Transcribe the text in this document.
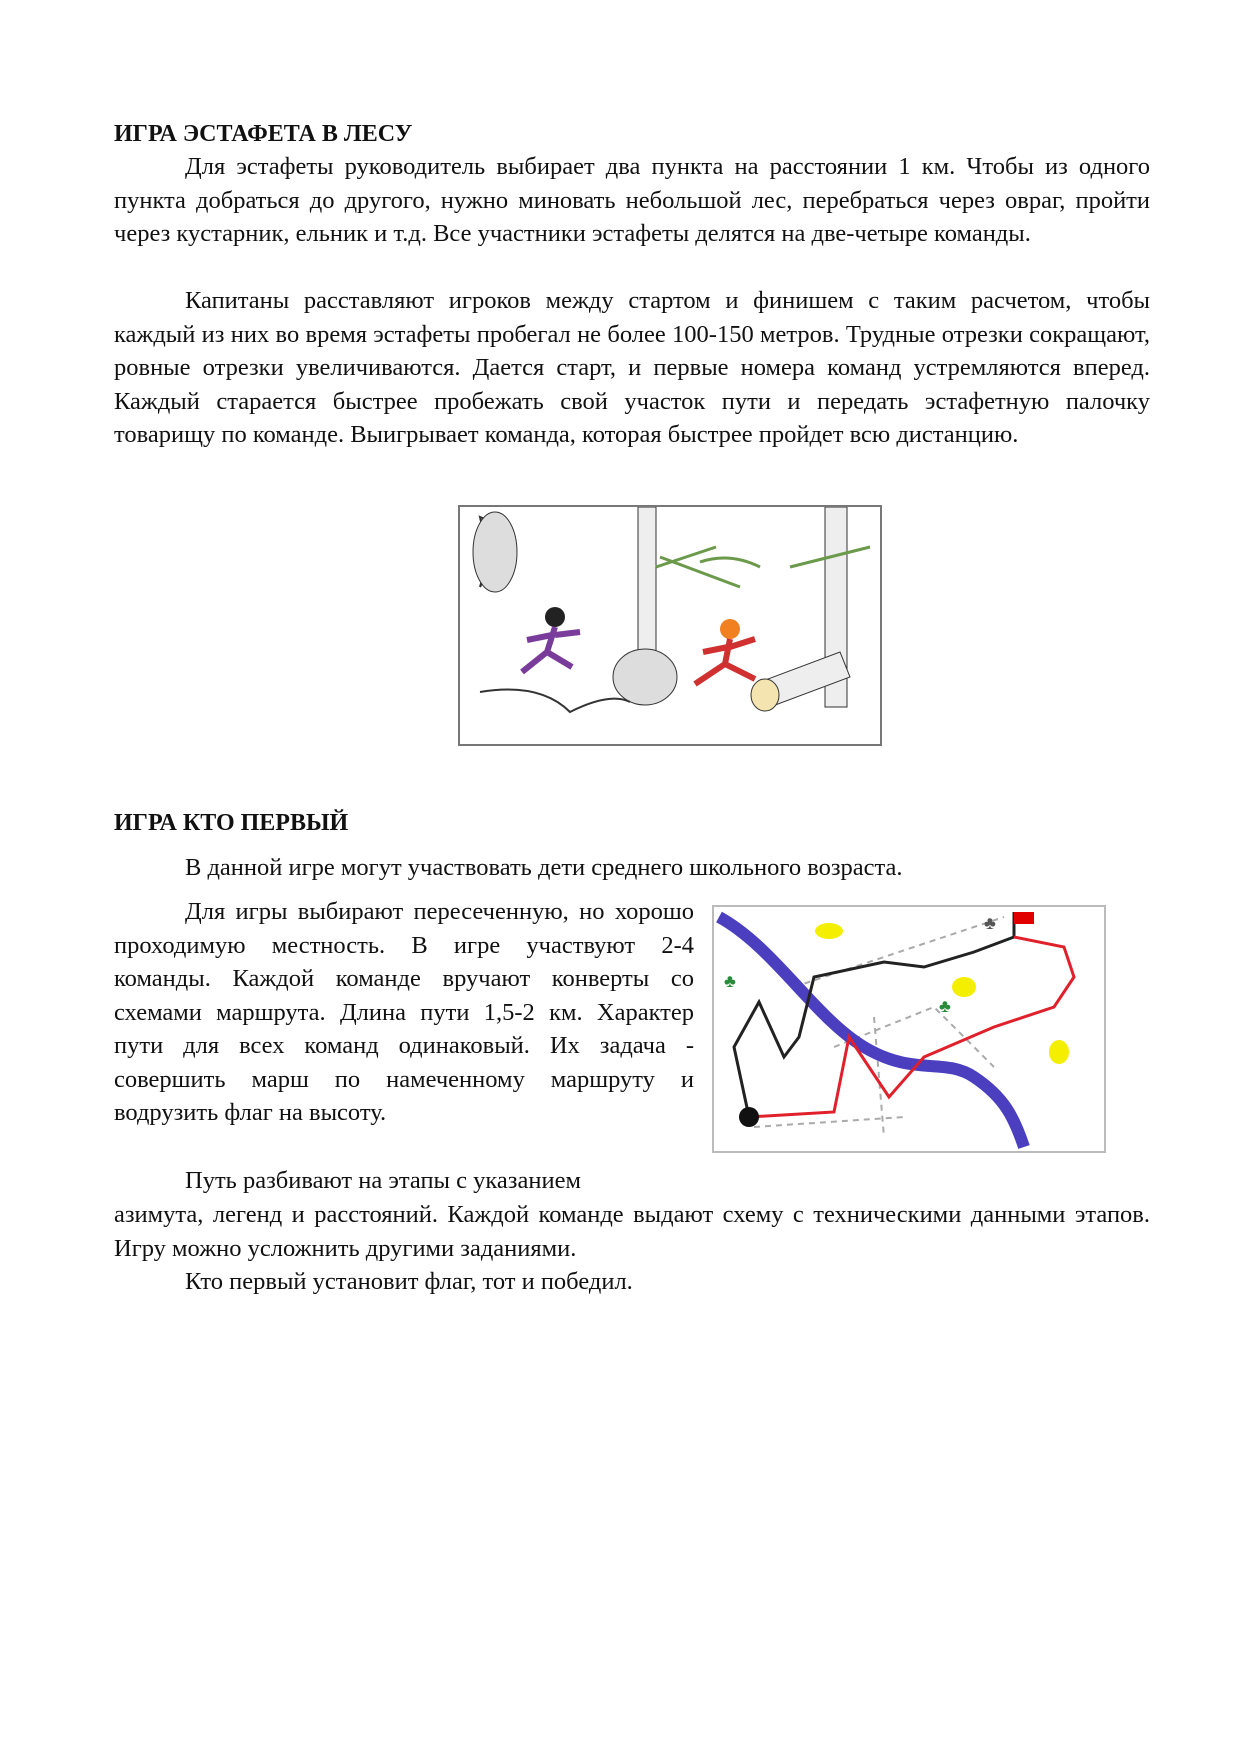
ИГРА ЭСТАФЕТА В ЛЕСУ

Для эстафеты руководитель выбирает два пункта на расстоянии 1 км. Чтобы из одного пункта добраться до другого, нужно миновать небольшой лес, перебраться через овраг, пройти через кустарник, ельник и т.д. Все участники эстафеты делятся на две-четыре команды.

Капитаны расставляют игроков между стартом и финишем с таким расчетом, чтобы каждый из них во время эстафеты пробегал не более 100-150 метров. Трудные отрезки сокращают, ровные отрезки увеличиваются. Дается старт, и первые номера команд устремляются вперед. Каждый старается быстрее пробежать свой участок пути и передать эстафетную палочку товарищу по команде. Выигрывает команда, которая быстрее пройдет всю дистанцию.

ИГРА КТО ПЕРВЫЙ

В данной игре могут участвовать дети среднего школьного возраста.

Для игры выбирают пересеченную, но хорошо проходимую местность. В игре участвуют 2-4 команды. Каждой команде вручают конверты со схемами маршрута. Длина пути 1,5-2 км. Характер пути для всех команд одинаковый. Их задача - совершить марш по намеченному маршруту и водрузить флаг на высоту.

♣
♣
♣

Путь разбивают на этапы с указанием

азимута, легенд и расстояний. Каждой команде выдают схему с техническими данными этапов. Игру можно усложнить другими заданиями.

Кто первый установит флаг, тот и победил.
